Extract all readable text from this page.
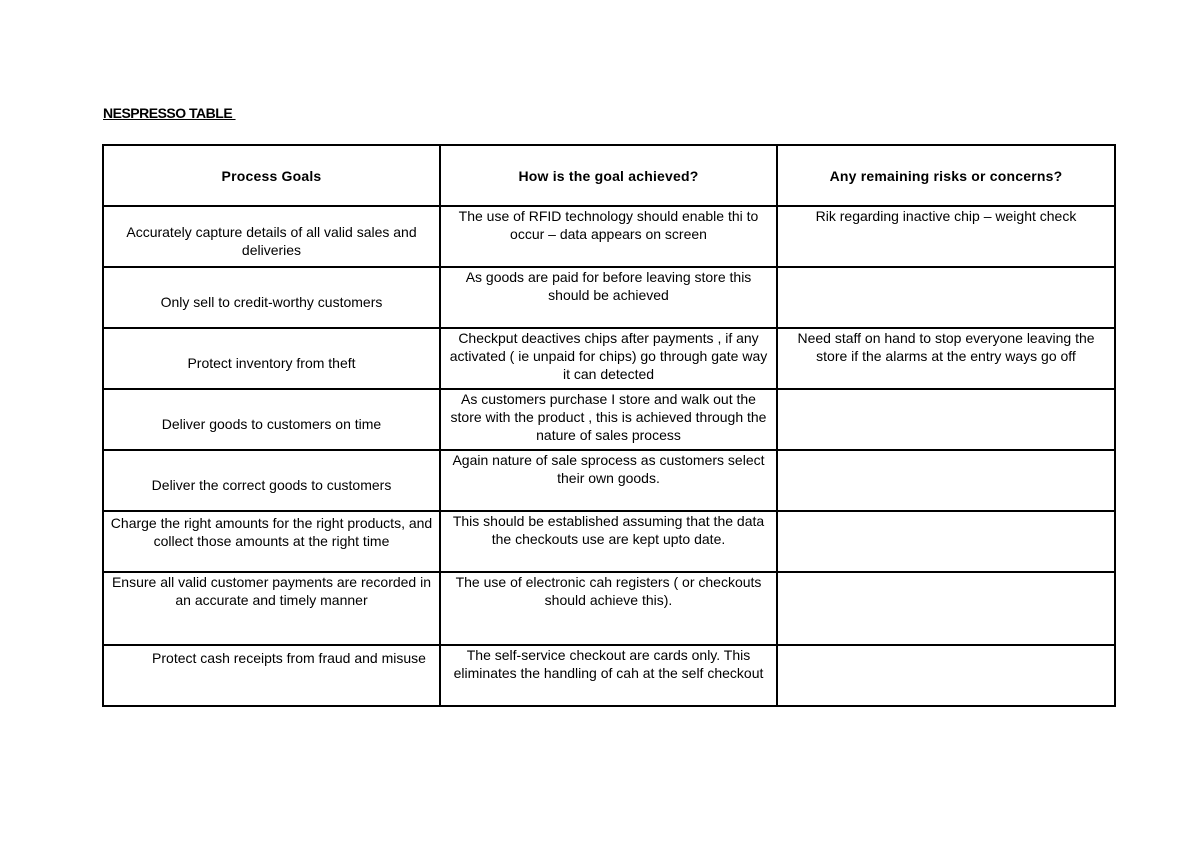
NESPRESSO TABLE
Process Goals	How is the goal achieved?	Any remaining risks or concerns?
Accurately capture details of all valid sales and deliveries	The use of RFID technology should enable thi to occur – data appears on screen	Rik regarding inactive chip – weight check
Only sell to credit-worthy customers	As goods are paid for before leaving store this should be achieved	
Protect inventory from theft	Checkput deactives chips after payments , if any activated ( ie unpaid for chips) go through gate way it can detected	Need staff on hand to stop everyone leaving the store if the alarms at the entry ways go off
Deliver goods to customers on time	As customers purchase I store and walk out the store with the product , this is achieved through the nature of sales process	
Deliver the correct goods to customers	Again nature of sale sprocess as customers select their own goods.	
Charge the right amounts for the right products, and collect those amounts at the right time	This should be established assuming that the data the checkouts use are kept upto date.	
Ensure all valid customer payments are recorded in an accurate and timely manner	The use of electronic cah registers ( or checkouts should achieve this).	
Protect cash receipts from fraud and misuse	The self-service checkout are cards only. This eliminates the handling of cah at the self checkout	
